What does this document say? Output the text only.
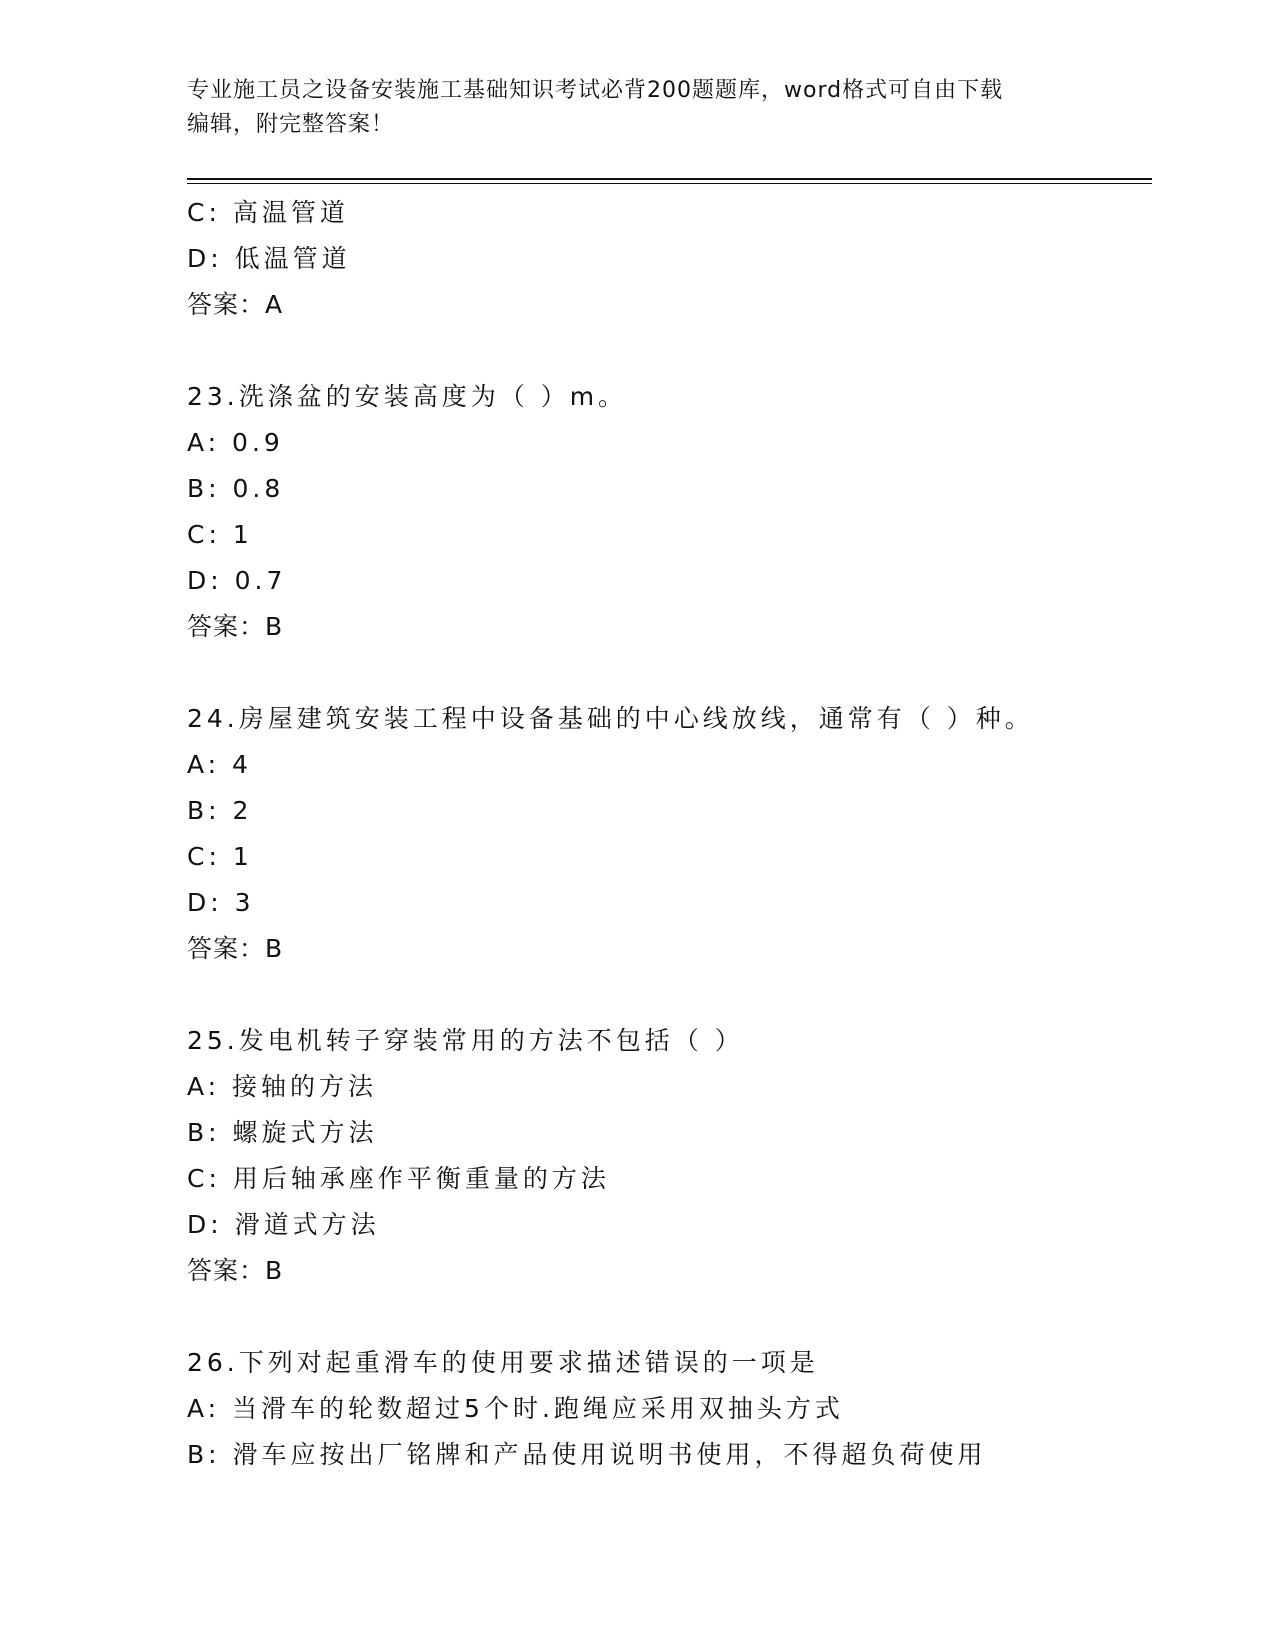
专业施工员之设备安装施工基础知识考试必背200题题库，word格式可自由下载
编辑，附完整答案！
C: 高温管道
D: 低温管道
答案：A
23.洗涤盆的安装高度为（ ）m。
A: 0.9
B: 0.8
C: 1
D: 0.7
答案：B
24.房屋建筑安装工程中设备基础的中心线放线，通常有（ ）种。
A: 4
B: 2
C: 1
D: 3
答案：B
25.发电机转子穿装常用的方法不包括（ ）
A: 接轴的方法
B: 螺旋式方法
C: 用后轴承座作平衡重量的方法
D: 滑道式方法
答案：B
26.下列对起重滑车的使用要求描述错误的一项是
A: 当滑车的轮数超过5个时.跑绳应采用双抽头方式
B: 滑车应按出厂铭牌和产品使用说明书使用，不得超负荷使用
